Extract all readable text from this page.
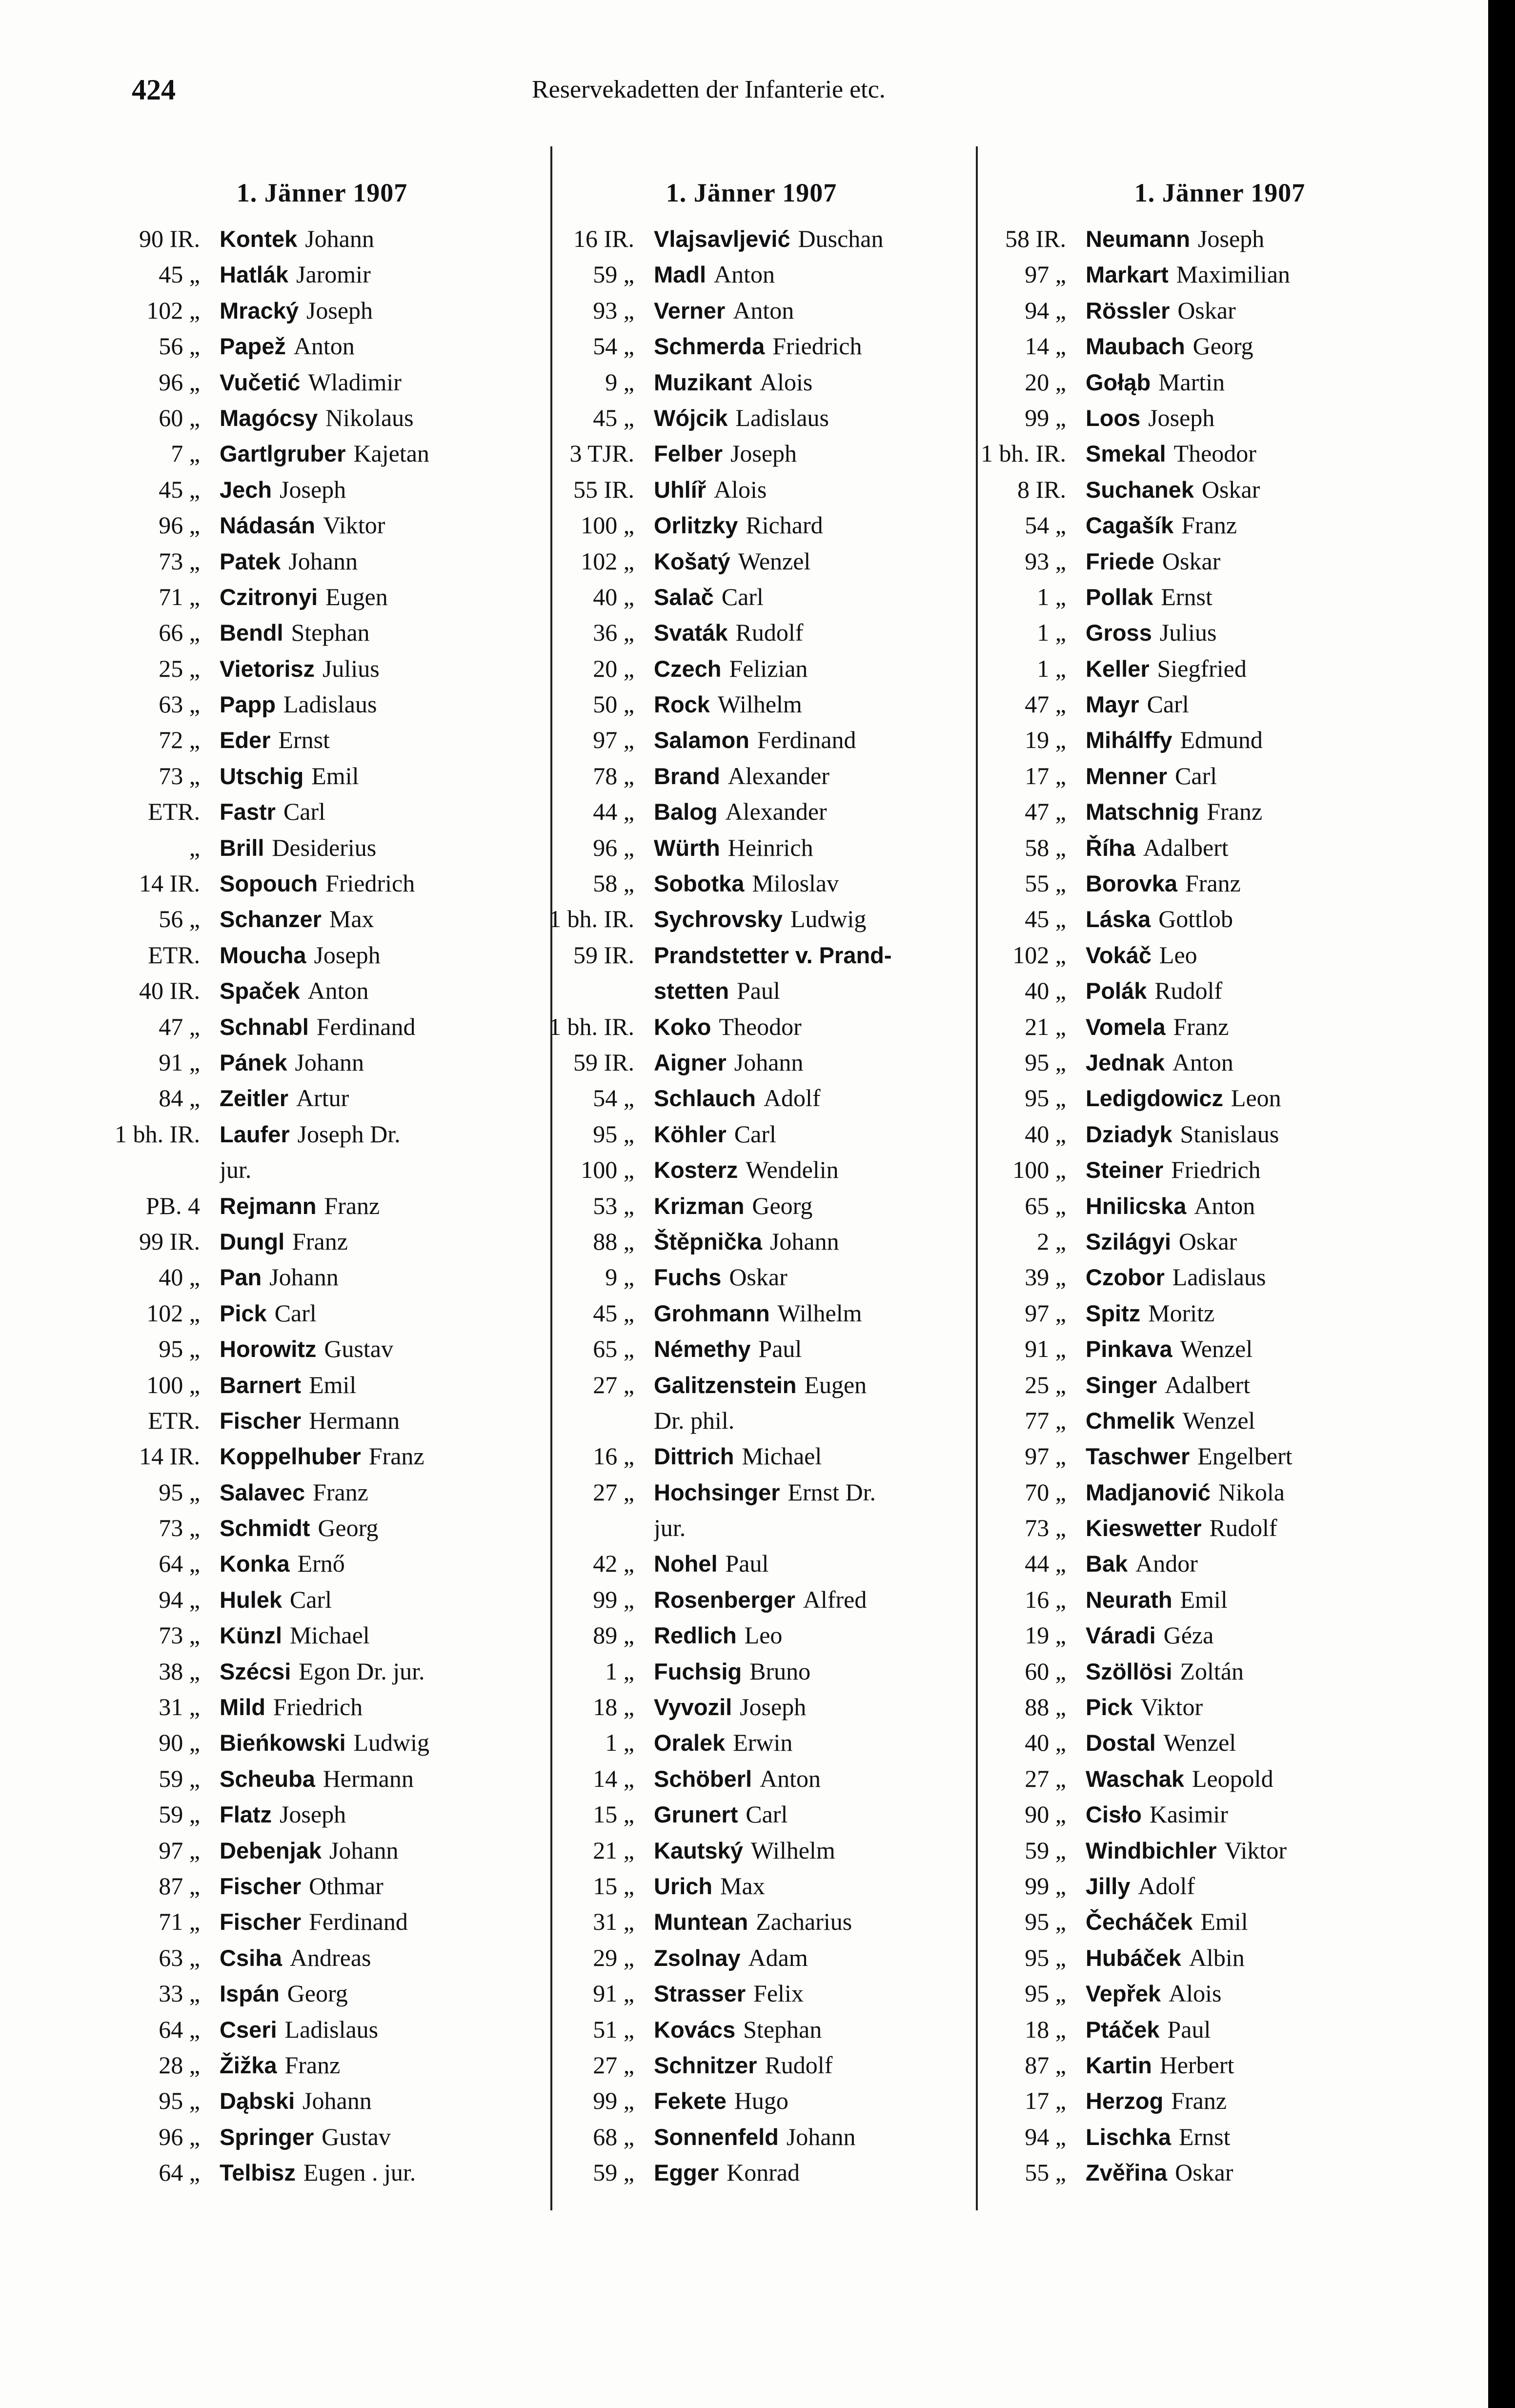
424	Reservekadetten der Infanterie etc.
1. Jänner 1907
90 IR. Kontek Johann
45 „ Hatlák Jaromir
102 „ Mracký Joseph
56 „ Papež Anton
96 „ Vučetić Wladimir
60 „ Magócsy Nikolaus
7 „ Gartlgruber Kajetan
45 „ Jech Joseph
96 „ Nádasán Viktor
73 „ Patek Johann
71 „ Czitronyi Eugen
66 „ Bendl Stephan
25 „ Vietorisz Julius
63 „ Papp Ladislaus
72 „ Eder Ernst
73 „ Utschig Emil
ETR. Fastr Carl
„ Brill Desiderius
14 IR. Sopouch Friedrich
56 „ Schanzer Max
ETR. Moucha Joseph
40 IR. Spaček Anton
47 „ Schnabl Ferdinand
91 „ Pánek Johann
84 „ Zeitler Artur
1 bh. IR. Laufer Joseph Dr.
jur.
PB. 4 Rejmann Franz
99 IR. Dungl Franz
40 „ Pan Johann
102 „ Pick Carl
95 „ Horowitz Gustav
100 „ Barnert Emil
ETR. Fischer Hermann
14 IR. Koppelhuber Franz
95 „ Salavec Franz
73 „ Schmidt Georg
64 „ Konka Ernő
94 „ Hulek Carl
73 „ Künzl Michael
38 „ Szécsi Egon Dr. jur.
31 „ Mild Friedrich
90 „ Bieńkowski Ludwig
59 „ Scheuba Hermann
59 „ Flatz Joseph
97 „ Debenjak Johann
87 „ Fischer Othmar
71 „ Fischer Ferdinand
63 „ Csiha Andreas
33 „ Ispán Georg
64 „ Cseri Ladislaus
28 „ Žižka Franz
95 „ Dąbski Johann
96 „ Springer Gustav
64 „ Telbisz Eugen . jur.
1. Jänner 1907
16 IR. Vlajsavljević Duschan
59 „ Madl Anton
93 „ Verner Anton
54 „ Schmerda Friedrich
9 „ Muzikant Alois
45 „ Wójcik Ladislaus
3 TJR. Felber Joseph
55 IR. Uhlíř Alois
100 „ Orlitzky Richard
102 „ Košatý Wenzel
40 „ Salač Carl
36 „ Svaták Rudolf
20 „ Czech Felizian
50 „ Rock Wilhelm
97 „ Salamon Ferdinand
78 „ Brand Alexander
44 „ Balog Alexander
96 „ Würth Heinrich
58 „ Sobotka Miloslav
1 bh. IR. Sychrovsky Ludwig
59 IR. Prandstetter v. Prand-
stetten Paul
1 bh. IR. Koko Theodor
59 IR. Aigner Johann
54 „ Schlauch Adolf
95 „ Köhler Carl
100 „ Kosterz Wendelin
53 „ Krizman Georg
88 „ Štěpnička Johann
9 „ Fuchs Oskar
45 „ Grohmann Wilhelm
65 „ Némethy Paul
27 „ Galitzenstein Eugen
Dr. phil.
16 „ Dittrich Michael
27 „ Hochsinger Ernst Dr.
jur.
42 „ Nohel Paul
99 „ Rosenberger Alfred
89 „ Redlich Leo
1 „ Fuchsig Bruno
18 „ Vyvozil Joseph
1 „ Oralek Erwin
14 „ Schöberl Anton
15 „ Grunert Carl
21 „ Kautský Wilhelm
15 „ Urich Max
31 „ Muntean Zacharius
29 „ Zsolnay Adam
91 „ Strasser Felix
51 „ Kovács Stephan
27 „ Schnitzer Rudolf
99 „ Fekete Hugo
68 „ Sonnenfeld Johann
59 „ Egger Konrad
1. Jänner 1907
58 IR. Neumann Joseph
97 „ Markart Maximilian
94 „ Rössler Oskar
14 „ Maubach Georg
20 „ Gołąb Martin
99 „ Loos Joseph
1 bh. IR. Smekal Theodor
8 IR. Suchanek Oskar
54 „ Cagašík Franz
93 „ Friede Oskar
1 „ Pollak Ernst
1 „ Gross Julius
1 „ Keller Siegfried
47 „ Mayr Carl
19 „ Mihálffy Edmund
17 „ Menner Carl
47 „ Matschnig Franz
58 „ Říha Adalbert
55 „ Borovka Franz
45 „ Láska Gottlob
102 „ Vokáč Leo
40 „ Polák Rudolf
21 „ Vomela Franz
95 „ Jednak Anton
95 „ Ledigdowicz Leon
40 „ Dziadyk Stanislaus
100 „ Steiner Friedrich
65 „ Hnilicska Anton
2 „ Szilágyi Oskar
39 „ Czobor Ladislaus
97 „ Spitz Moritz
91 „ Pinkava Wenzel
25 „ Singer Adalbert
77 „ Chmelik Wenzel
97 „ Taschwer Engelbert
70 „ Madjanović Nikola
73 „ Kieswetter Rudolf
44 „ Bak Andor
16 „ Neurath Emil
19 „ Váradi Géza
60 „ Szöllösi Zoltán
88 „ Pick Viktor
40 „ Dostal Wenzel
27 „ Waschak Leopold
90 „ Cisło Kasimir
59 „ Windbichler Viktor
99 „ Jilly Adolf
95 „ Čecháček Emil
95 „ Hubáček Albin
95 „ Vepřek Alois
18 „ Ptáček Paul
87 „ Kartin Herbert
17 „ Herzog Franz
94 „ Lischka Ernst
55 „ Zvěřina Oskar
